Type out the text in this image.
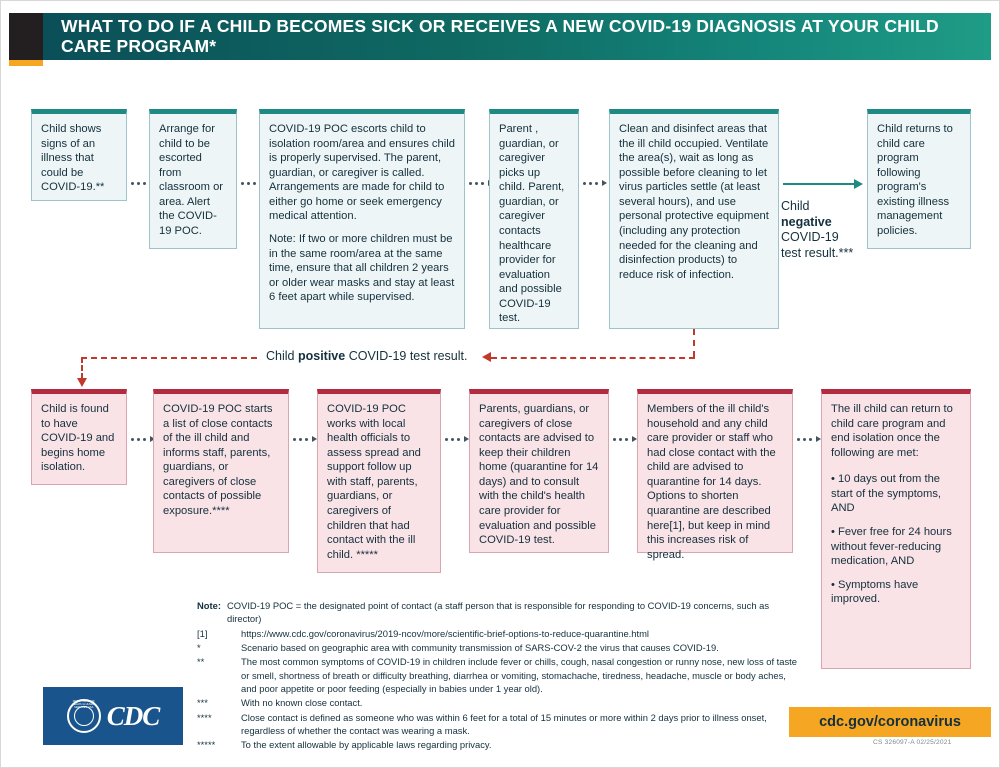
WHAT TO DO IF A CHILD BECOMES SICK OR RECEIVES A NEW COVID-19 DIAGNOSIS AT YOUR CHILD CARE PROGRAM*

Child shows signs of an illness that could be COVID-19.**

Arrange for child to be escorted from classroom or area. Alert the COVID-19 POC.

COVID-19 POC escorts child to isolation room/area and ensures child is properly supervised. The parent, guardian, or caregiver is called. Arrangements are made for child to either go home or seek emergency medical attention.

Note: If two or more children must be in the same room/area at the same time, ensure that all children 2 years or older wear masks and stay at least 6 feet apart while supervised.

Parent , guardian, or caregiver picks up child. Parent, guardian, or caregiver contacts healthcare provider for evaluation and possible COVID-19 test.

Clean and disinfect areas that the ill child occupied. Ventilate the area(s), wait as long as possible before cleaning to let virus particles settle (at least several hours), and use personal protective equipment (including any protection needed for the cleaning and disinfection products) to reduce risk of infection.

Child negative COVID-19 test result.***

Child returns to child care program following program's existing illness management policies.

Child positive COVID-19 test result.

Child is found to have COVID-19 and begins home isolation.

COVID-19 POC starts a list of close contacts of the ill child and informs staff, parents, guardians, or caregivers of close contacts of possible exposure.****

COVID-19 POC works with local health officials to assess spread and support follow up with staff, parents, guardians, or caregivers of children that had contact with the ill child. *****

Parents, guardians, or caregivers of close contacts are advised to keep their children home (quarantine for 14 days) and to consult with the child's health care provider for evaluation and possible COVID-19 test.

Members of the ill child's household and any child care provider or staff who had close contact with the child are advised to quarantine for 14 days. Options to shorten quarantine are described here[1], but keep in mind this increases risk of spread.

The ill child can return to child care program and end isolation once the following are met:

• 10 days out from the start of the symptoms, AND
• Fever free for 24 hours without fever-reducing medication, AND
• Symptoms have improved.
Note: COVID-19 POC = the designated point of contact (a staff person that is responsible for responding to COVID-19 concerns, such as director)
[1]	https://www.cdc.gov/coronavirus/2019-ncov/more/scientific-brief-options-to-reduce-quarantine.html
*	Scenario based on geographic area with community transmission of SARS-COV-2 the virus that causes COVID-19.
**	The most common symptoms of COVID-19 in children include fever or chills, cough, nasal congestion or runny nose, new loss of taste or smell, shortness of breath or difficulty breathing, diarrhea or vomiting, stomachache, tiredness, headache, muscle or body aches, and poor appetite or poor feeding (especially in babies under 1 year old).
***	With no known close contact.
****	Close contact is defined as someone who was within 6 feet for a total of 15 minutes or more within 2 days prior to illness onset, regardless of whether the contact was wearing a mask.
*****	To the extent allowable by applicable laws regarding privacy.
DEPARTMENT OF HEALTH & HUMAN SERVICES USA CDC	cdc.gov/coronavirus
CS 326097-A 02/25/2021
